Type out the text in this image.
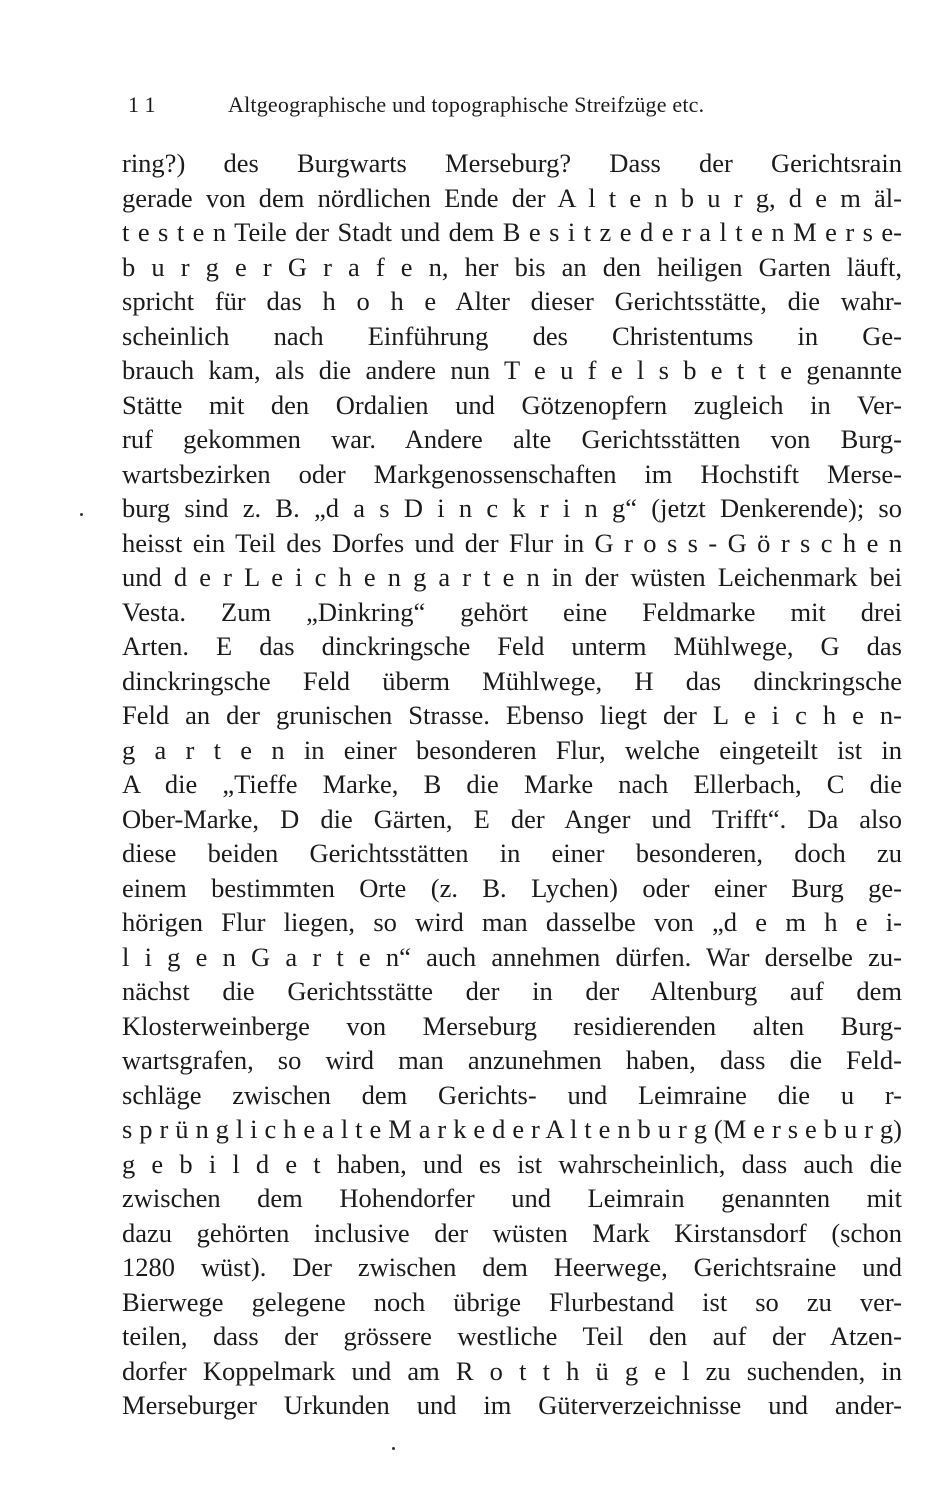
1 1	Altgeographische und topographische Streifzüge etc.
ring?) des Burgwarts Merseburg? Dass der Gerichtsrain
gerade von dem nördlichen Ende der A l t e n b u r g, d e m äl-
t e s t e n Teile der Stadt und dem B e s i t z e d e r a l t e n M e r s e-
b u r g e r G r a f e n, her bis an den heiligen Garten läuft,
spricht für das h o h e Alter dieser Gerichtsstätte, die wahr-
scheinlich nach Einführung des Christentums in Ge-
brauch kam, als die andere nun T e u f e l s b e t t e genannte
Stätte mit den Ordalien und Götzenopfern zugleich in Ver-
ruf gekommen war. Andere alte Gerichtsstätten von Burg-
wartsbezirken oder Markgenossenschaften im Hochstift Merse-
burg sind z. B. „d a s D i n c k r i n g“ (jetzt Denkerende); so
heisst ein Teil des Dorfes und der Flur in G r o s s - G ö r s c h e n
und d e r L e i c h e n g a r t e n in der wüsten Leichenmark bei
Vesta. Zum „Dinkring“ gehört eine Feldmarke mit drei
Arten. E das dinckringsche Feld unterm Mühlwege, G das
dinckringsche Feld überm Mühlwege, H das dinckringsche
Feld an der grunischen Strasse. Ebenso liegt der L e i c h e n-
g a r t e n in einer besonderen Flur, welche eingeteilt ist in
A die „Tieffe Marke, B die Marke nach Ellerbach, C die
Ober-Marke, D die Gärten, E der Anger und Trifft“. Da also
diese beiden Gerichtsstätten in einer besonderen, doch zu
einem bestimmten Orte (z. B. Lychen) oder einer Burg ge-
hörigen Flur liegen, so wird man dasselbe von „d e m h e i-
l i g e n G a r t e n“ auch annehmen dürfen. War derselbe zu-
nächst die Gerichtsstätte der in der Altenburg auf dem
Klosterweinberge von Merseburg residierenden alten Burg-
wartsgrafen, so wird man anzunehmen haben, dass die Feld-
schläge zwischen dem Gerichts- und Leimraine die u r-
s p r ü n g l i c h e a l t e M a r k e d e r A l t e n b u r g (M e r s e b u r g)
g e b i l d e t haben, und es ist wahrscheinlich, dass auch die
zwischen dem Hohendorfer und Leimrain genannten mit
dazu gehörten inclusive der wüsten Mark Kirstansdorf (schon
1280 wüst). Der zwischen dem Heerwege, Gerichtsraine und
Bierwege gelegene noch übrige Flurbestand ist so zu ver-
teilen, dass der grössere westliche Teil den auf der Atzen-
dorfer Koppelmark und am R o t t h ü g e l zu suchenden, in
Merseburger Urkunden und im Güterverzeichnisse und ander-
